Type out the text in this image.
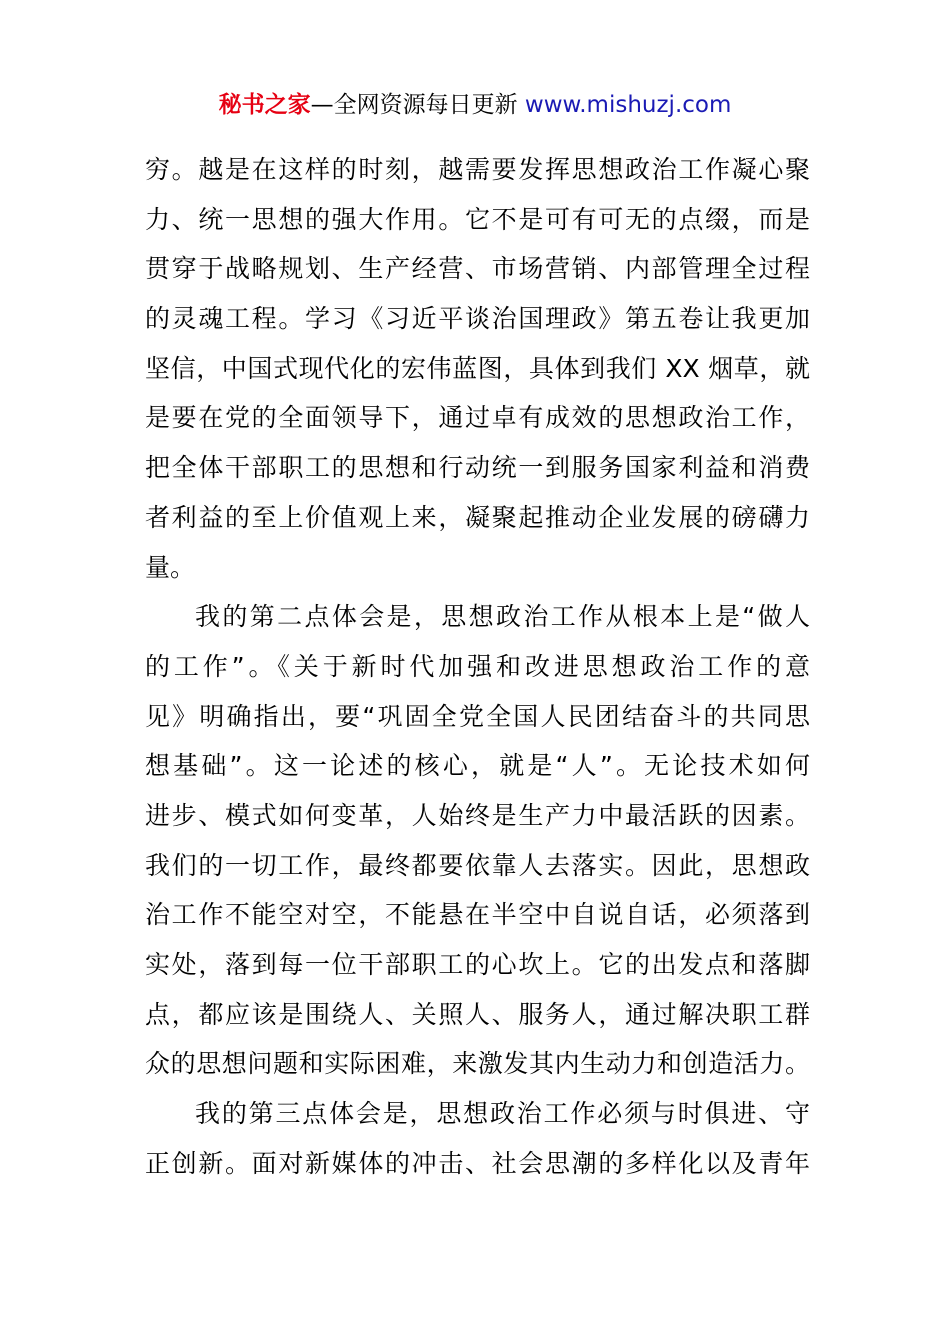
秘书之家—全网资源每日更新 www.mishuzj.com
穷。越是在这样的时刻，越需要发挥思想政治工作凝心聚
力、统一思想的强大作用。它不是可有可无的点缀，而是
贯穿于战略规划、生产经营、市场营销、内部管理全过程
的灵魂工程。学习《习近平谈治国理政》第五卷让我更加
坚信，中国式现代化的宏伟蓝图，具体到我们 XX 烟草，就
是要在党的全面领导下，通过卓有成效的思想政治工作，
把全体干部职工的思想和行动统一到服务国家利益和消费
者利益的至上价值观上来，凝聚起推动企业发展的磅礴力
量。
我的第二点体会是，思想政治工作从根本上是“做人
的工作”。《关于新时代加强和改进思想政治工作的意
见》明确指出，要“巩固全党全国人民团结奋斗的共同思
想基础”。这一论述的核心，就是“人”。无论技术如何
进步、模式如何变革，人始终是生产力中最活跃的因素。
我们的一切工作，最终都要依靠人去落实。因此，思想政
治工作不能空对空，不能悬在半空中自说自话，必须落到
实处，落到每一位干部职工的心坎上。它的出发点和落脚
点，都应该是围绕人、关照人、服务人，通过解决职工群
众的思想问题和实际困难，来激发其内生动力和创造活力。
我的第三点体会是，思想政治工作必须与时俱进、守
正创新。面对新媒体的冲击、社会思潮的多样化以及青年
